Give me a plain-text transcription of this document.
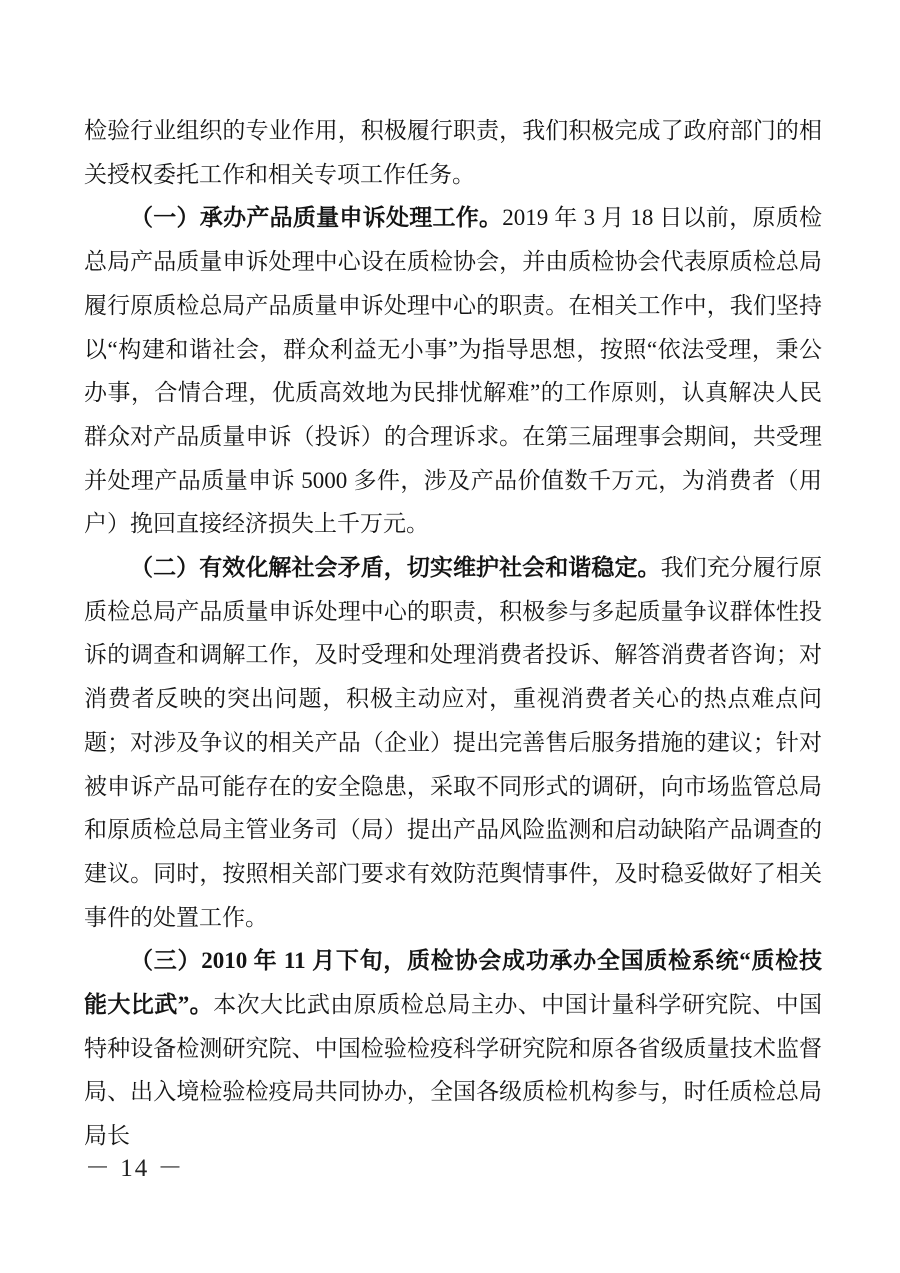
检验行业组织的专业作用，积极履行职责，我们积极完成了政府部门的相关授权委托工作和相关专项工作任务。

（一）承办产品质量申诉处理工作。2019 年 3 月 18 日以前，原质检总局产品质量申诉处理中心设在质检协会，并由质检协会代表原质检总局履行原质检总局产品质量申诉处理中心的职责。在相关工作中，我们坚持以“构建和谐社会，群众利益无小事”为指导思想，按照“依法受理，秉公办事，合情合理，优质高效地为民排忧解难”的工作原则，认真解决人民群众对产品质量申诉（投诉）的合理诉求。在第三届理事会期间，共受理并处理产品质量申诉 5000 多件，涉及产品价值数千万元，为消费者（用户）挽回直接经济损失上千万元。

（二）有效化解社会矛盾，切实维护社会和谐稳定。我们充分履行原质检总局产品质量申诉处理中心的职责，积极参与多起质量争议群体性投诉的调查和调解工作，及时受理和处理消费者投诉、解答消费者咨询；对消费者反映的突出问题，积极主动应对，重视消费者关心的热点难点问题；对涉及争议的相关产品（企业）提出完善售后服务措施的建议；针对被申诉产品可能存在的安全隐患，采取不同形式的调研，向市场监管总局和原质检总局主管业务司（局）提出产品风险监测和启动缺陷产品调查的建议。同时，按照相关部门要求有效防范舆情事件，及时稳妥做好了相关事件的处置工作。

（三）2010 年 11 月下旬，质检协会成功承办全国质检系统“质检技能大比武”。本次大比武由原质检总局主办、中国计量科学研究院、中国特种设备检测研究院、中国检验检疫科学研究院和原各省级质量技术监督局、出入境检验检疫局共同协办，全国各级质检机构参与，时任质检总局局长

－ 14 －
